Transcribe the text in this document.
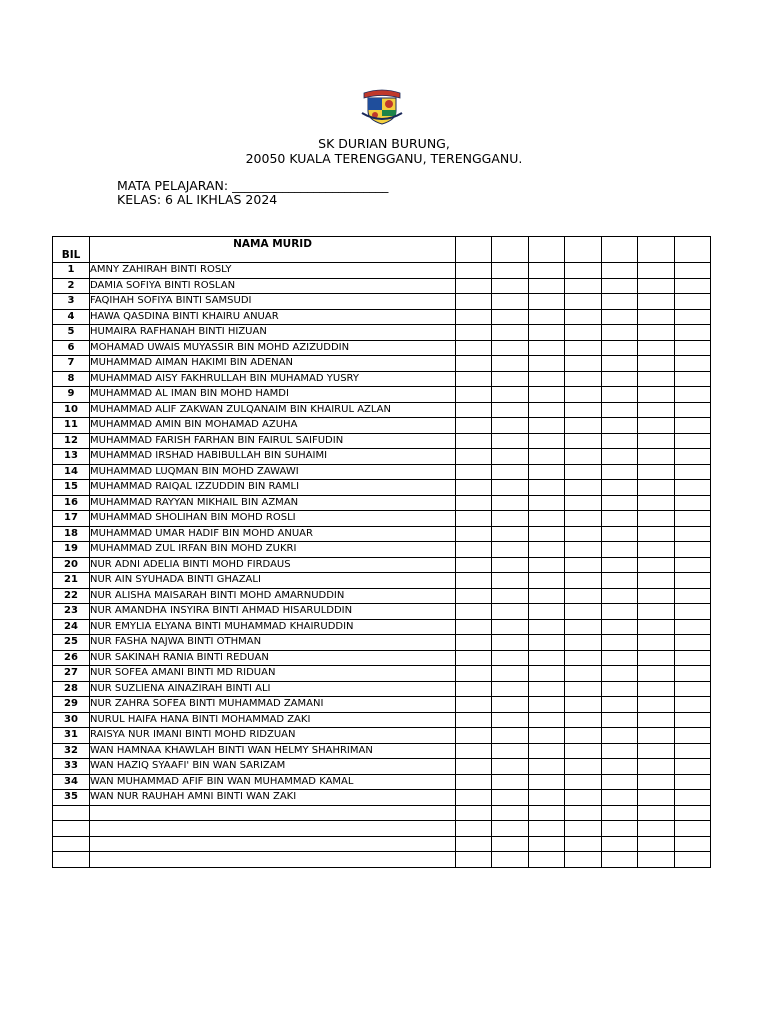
SK DURIAN BURUNG,
20050 KUALA TERENGGANU, TERENGGANU.
MATA PELAJARAN: _________________________
KELAS: 6 AL IKHLAS 2024
BIL	NAMA MURID							
1	AMNY ZAHIRAH BINTI ROSLY							
2	DAMIA SOFIYA BINTI ROSLAN							
3	FAQIHAH SOFIYA BINTI SAMSUDI							
4	HAWA QASDINA BINTI KHAIRU ANUAR							
5	HUMAIRA RAFHANAH BINTI HIZUAN							
6	MOHAMAD UWAIS MUYASSIR BIN MOHD AZIZUDDIN							
7	MUHAMMAD AIMAN HAKIMI BIN ADENAN							
8	MUHAMMAD AISY FAKHRULLAH BIN MUHAMAD YUSRY							
9	MUHAMMAD AL IMAN BIN MOHD HAMDI							
10	MUHAMMAD ALIF ZAKWAN ZULQANAIM BIN KHAIRUL AZLAN							
11	MUHAMMAD AMIN BIN MOHAMAD AZUHA							
12	MUHAMMAD FARISH FARHAN BIN FAIRUL SAIFUDIN							
13	MUHAMMAD IRSHAD HABIBULLAH BIN SUHAIMI							
14	MUHAMMAD LUQMAN BIN MOHD ZAWAWI							
15	MUHAMMAD RAIQAL IZZUDDIN BIN RAMLI							
16	MUHAMMAD RAYYAN MIKHAIL BIN AZMAN							
17	MUHAMMAD SHOLIHAN BIN MOHD ROSLI							
18	MUHAMMAD UMAR HADIF BIN MOHD ANUAR							
19	MUHAMMAD ZUL IRFAN BIN MOHD ZUKRI							
20	NUR ADNI ADELIA BINTI MOHD FIRDAUS							
21	NUR AIN SYUHADA BINTI GHAZALI							
22	NUR ALISHA MAISARAH BINTI MOHD AMARNUDDIN							
23	NUR AMANDHA INSYIRA BINTI AHMAD HISARULDDIN							
24	NUR EMYLIA ELYANA BINTI MUHAMMAD KHAIRUDDIN							
25	NUR FASHA NAJWA BINTI OTHMAN							
26	NUR SAKINAH RANIA BINTI REDUAN							
27	NUR SOFEA AMANI BINTI MD RIDUAN							
28	NUR SUZLIENA AINAZIRAH BINTI ALI							
29	NUR ZAHRA SOFEA BINTI MUHAMMAD ZAMANI							
30	NURUL HAIFA HANA BINTI MOHAMMAD ZAKI							
31	RAISYA NUR IMANI BINTI MOHD RIDZUAN							
32	WAN HAMNAA KHAWLAH BINTI WAN HELMY SHAHRIMAN							
33	WAN HAZIQ SYAAFI' BIN WAN SARIZAM							
34	WAN MUHAMMAD AFIF BIN WAN MUHAMMAD KAMAL							
35	WAN NUR RAUHAH AMNI BINTI WAN ZAKI							
